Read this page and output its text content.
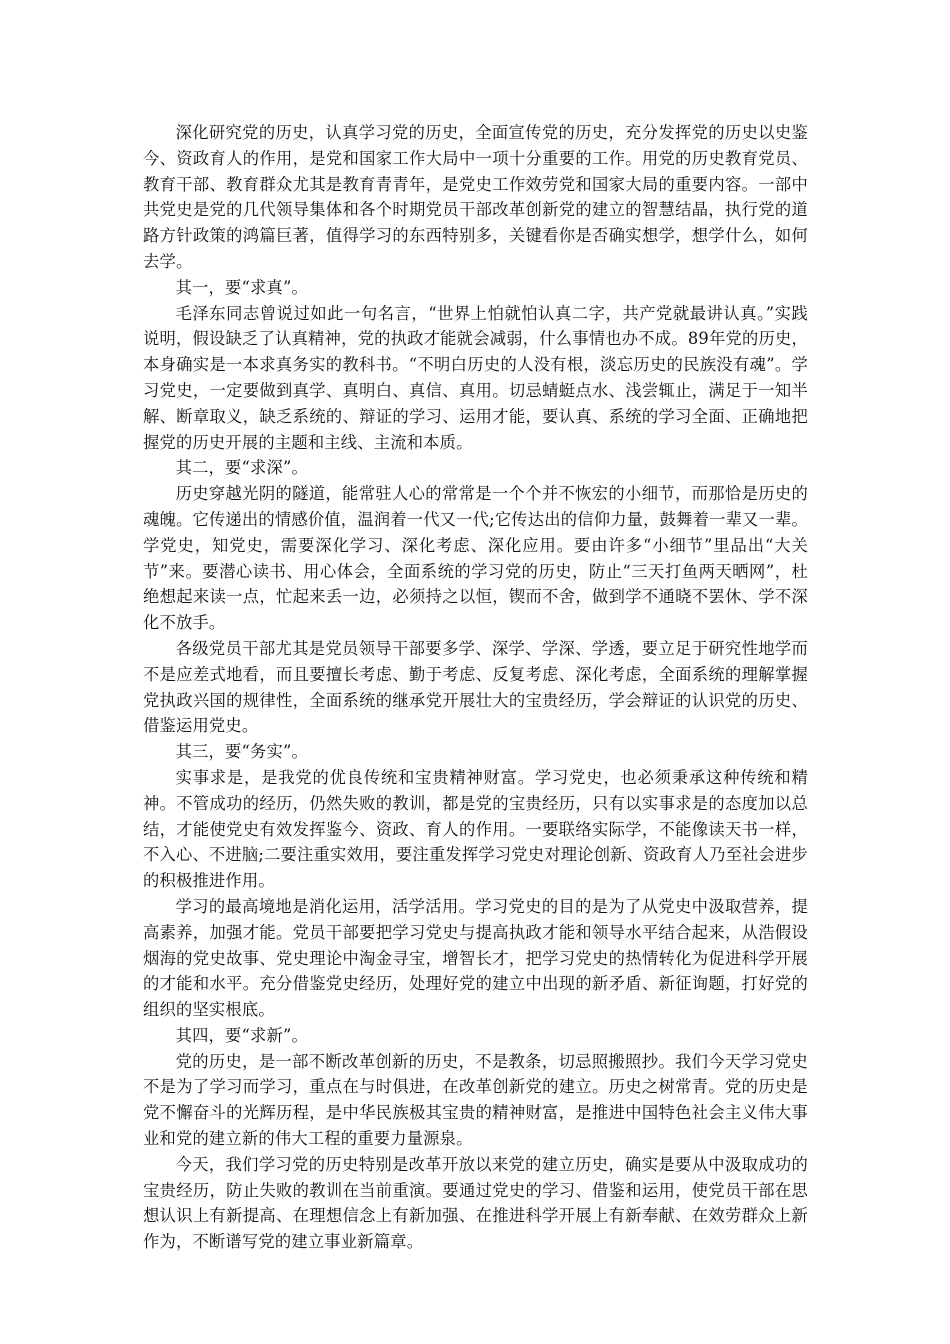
深化研究党的历史，认真学习党的历史，全面宣传党的历史，充分发挥党的历史以史鉴今、资政育人的作用，是党和国家工作大局中一项十分重要的工作。用党的历史教育党员、教育干部、教育群众尤其是教育青青年，是党史工作效劳党和国家大局的重要内容。一部中共党史是党的几代领导集体和各个时期党员干部改革创新党的建立的智慧结晶，执行党的道路方针政策的鸿篇巨著，值得学习的东西特别多，关键看你是否确实想学，想学什么，如何去学。

其一，要“求真”。

毛泽东同志曾说过如此一句名言，“世界上怕就怕认真二字，共产党就最讲认真。”实践说明，假设缺乏了认真精神，党的执政才能就会减弱，什么事情也办不成。89年党的历史，本身确实是一本求真务实的教科书。“不明白历史的人没有根，淡忘历史的民族没有魂”。学习党史，一定要做到真学、真明白、真信、真用。切忌蜻蜓点水、浅尝辄止，满足于一知半解、断章取义，缺乏系统的、辩证的学习、运用才能，要认真、系统的学习全面、正确地把握党的历史开展的主题和主线、主流和本质。

其二，要“求深”。

历史穿越光阴的隧道，能常驻人心的常常是一个个并不恢宏的小细节，而那恰是历史的魂魄。它传递出的情感价值，温润着一代又一代;它传达出的信仰力量，鼓舞着一辈又一辈。学党史，知党史，需要深化学习、深化考虑、深化应用。要由许多“小细节”里品出“大关节”来。要潜心读书、用心体会，全面系统的学习党的历史，防止“三天打鱼两天晒网”，杜绝想起来读一点，忙起来丢一边，必须持之以恒，锲而不舍，做到学不通晓不罢休、学不深化不放手。

各级党员干部尤其是党员领导干部要多学、深学、学深、学透，要立足于研究性地学而不是应差式地看，而且要擅长考虑、勤于考虑、反复考虑、深化考虑，全面系统的理解掌握党执政兴国的规律性，全面系统的继承党开展壮大的宝贵经历，学会辩证的认识党的历史、借鉴运用党史。

其三，要“务实”。

实事求是，是我党的优良传统和宝贵精神财富。学习党史，也必须秉承这种传统和精神。不管成功的经历，仍然失败的教训，都是党的宝贵经历，只有以实事求是的态度加以总结，才能使党史有效发挥鉴今、资政、育人的作用。一要联络实际学，不能像读天书一样，不入心、不进脑;二要注重实效用，要注重发挥学习党史对理论创新、资政育人乃至社会进步的积极推进作用。

学习的最高境地是消化运用，活学活用。学习党史的目的是为了从党史中汲取营养，提高素养，加强才能。党员干部要把学习党史与提高执政才能和领导水平结合起来，从浩假设烟海的党史故事、党史理论中淘金寻宝，增智长才，把学习党史的热情转化为促进科学开展的才能和水平。充分借鉴党史经历，处理好党的建立中出现的新矛盾、新征询题，打好党的组织的坚实根底。

其四，要“求新”。

党的历史，是一部不断改革创新的历史，不是教条，切忌照搬照抄。我们今天学习党史不是为了学习而学习，重点在与时俱进，在改革创新党的建立。历史之树常青。党的历史是党不懈奋斗的光辉历程，是中华民族极其宝贵的精神财富，是推进中国特色社会主义伟大事业和党的建立新的伟大工程的重要力量源泉。

今天，我们学习党的历史特别是改革开放以来党的建立历史，确实是要从中汲取成功的宝贵经历，防止失败的教训在当前重演。要通过党史的学习、借鉴和运用，使党员干部在思想认识上有新提高、在理想信念上有新加强、在推进科学开展上有新奉献、在效劳群众上新作为，不断谱写党的建立事业新篇章。
